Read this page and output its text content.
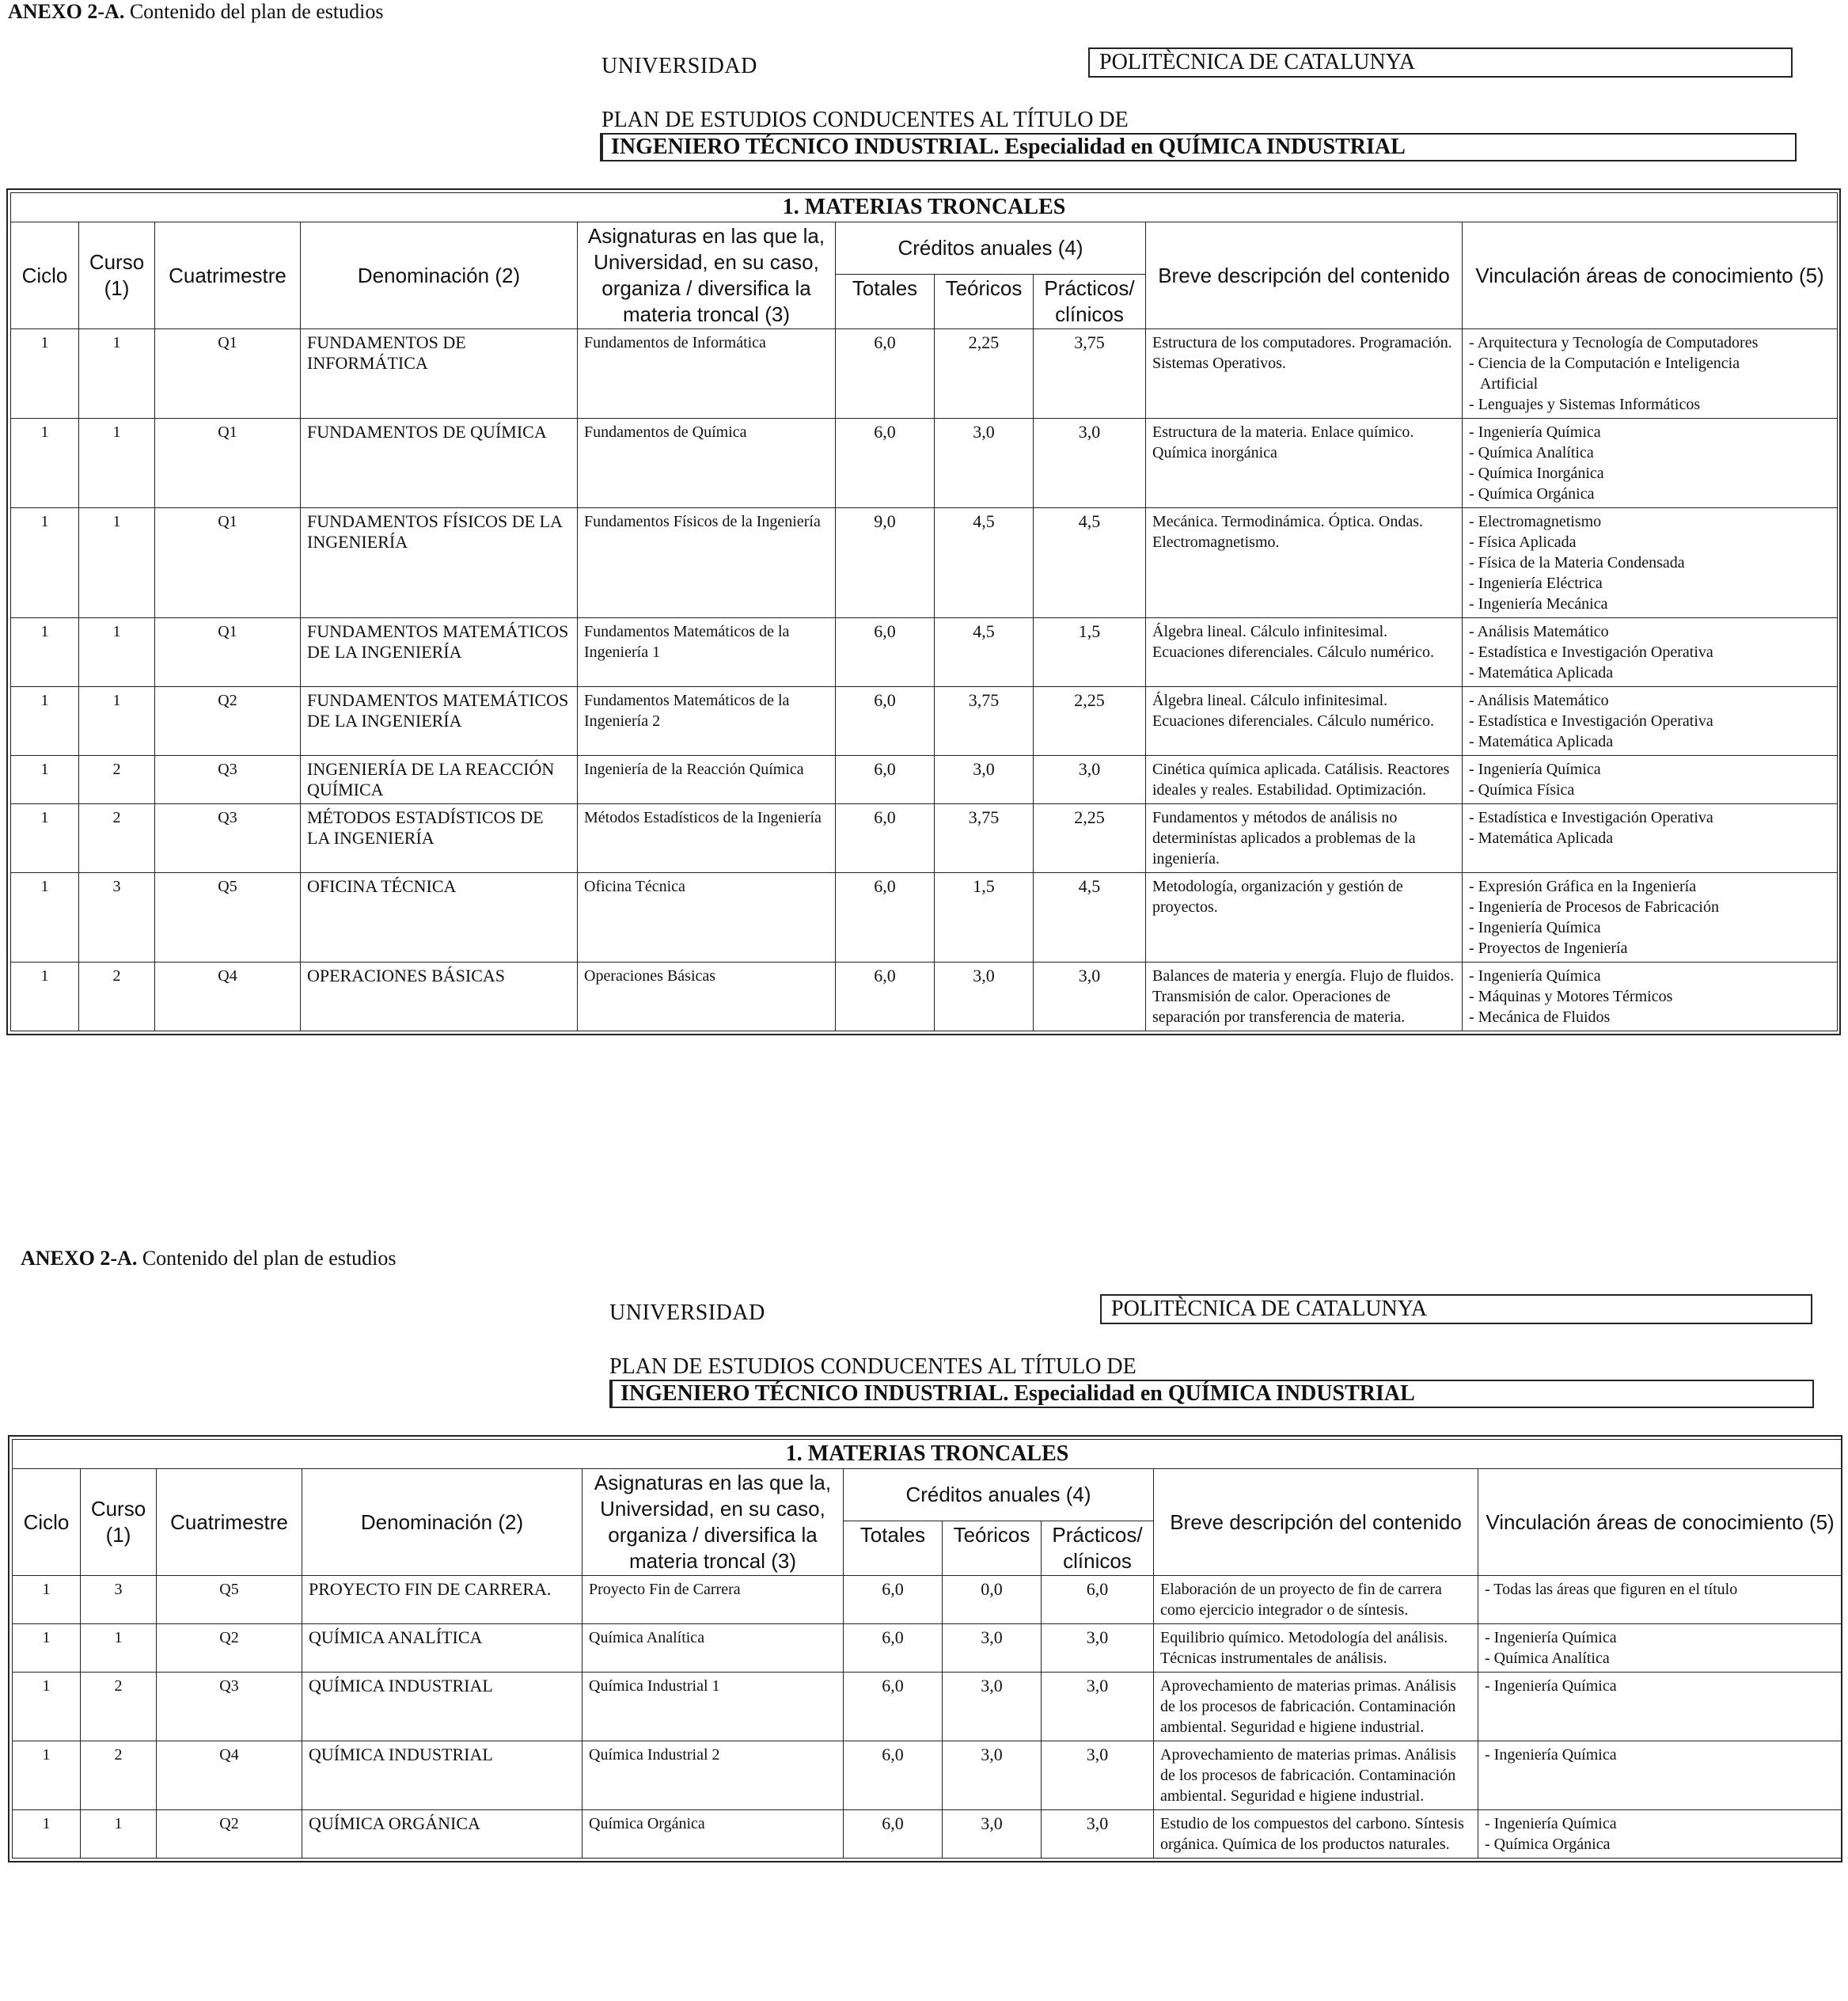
ANEXO 2-A. Contenido del plan de estudios
UNIVERSIDAD	POLITÈCNICA DE CATALUNYA
PLAN DE ESTUDIOS CONDUCENTES AL TÍTULO DE
INGENIERO TÉCNICO INDUSTRIAL. Especialidad en QUÍMICA INDUSTRIAL
1. MATERIAS TRONCALES									
Ciclo	Curso (1)	Cuatrimestre	Denominación (2)	Asignaturas en las que la, Universidad, en su caso, organiza / diversifica la materia troncal (3)	Créditos anuales (4)			Breve descripción del contenido	Vinculación áreas de conocimiento (5)
					Totales	Teóricos	Prácticos/ clínicos		
1	1	Q1	FUNDAMENTOS DE INFORMÁTICA	Fundamentos de Informática	6,0	2,25	3,75	Estructura de los computadores. Programación. Sistemas Operativos.	- Arquitectura y Tecnología de Computadores
- Ciencia de la Computación e Inteligencia
Artificial
- Lenguajes y Sistemas Informáticos

1	1	Q1	FUNDAMENTOS DE QUÍMICA	Fundamentos de Química	6,0	3,0	3,0	Estructura de la materia. Enlace químico. Química inorgánica	- Ingeniería Química
- Química Analítica
- Química Inorgánica
- Química Orgánica

1	1	Q1	FUNDAMENTOS FÍSICOS DE LA INGENIERÍA	Fundamentos Físicos de la Ingeniería	9,0	4,5	4,5	Mecánica. Termodinámica. Óptica. Ondas. Electromagnetismo.	- Electromagnetismo
- Física Aplicada
- Física de la Materia Condensada
- Ingeniería Eléctrica
- Ingeniería Mecánica

1	1	Q1	FUNDAMENTOS MATEMÁTICOS DE LA INGENIERÍA	Fundamentos Matemáticos de la Ingeniería 1	6,0	4,5	1,5	Álgebra lineal. Cálculo infinitesimal. Ecuaciones diferenciales. Cálculo numérico.	- Análisis Matemático
- Estadística e Investigación Operativa
- Matemática Aplicada

1	1	Q2	FUNDAMENTOS MATEMÁTICOS DE LA INGENIERÍA	Fundamentos Matemáticos de la Ingeniería 2	6,0	3,75	2,25	Álgebra lineal. Cálculo infinitesimal. Ecuaciones diferenciales. Cálculo numérico.	- Análisis Matemático
- Estadística e Investigación Operativa
- Matemática Aplicada

1	2	Q3	INGENIERÍA DE LA REACCIÓN QUÍMICA	Ingeniería de la Reacción Química	6,0	3,0	3,0	Cinética química aplicada. Catálisis. Reactores ideales y reales. Estabilidad. Optimización.	- Ingeniería Química
- Química Física

1	2	Q3	MÉTODOS ESTADÍSTICOS DE LA INGENIERÍA	Métodos Estadísticos de la Ingeniería	6,0	3,75	2,25	Fundamentos y métodos de análisis no determinístas aplicados a problemas de la ingeniería.	- Estadística e Investigación Operativa
- Matemática Aplicada

1	3	Q5	OFICINA TÉCNICA	Oficina Técnica	6,0	1,5	4,5	Metodología, organización y gestión de proyectos.	- Expresión Gráfica en la Ingeniería
- Ingeniería de Procesos de Fabricación
- Ingeniería Química
- Proyectos de Ingeniería

1	2	Q4	OPERACIONES BÁSICAS	Operaciones Básicas	6,0	3,0	3,0	Balances de materia y energía. Flujo de fluidos. Transmisión de calor. Operaciones de separación por transferencia de materia.	- Ingeniería Química
- Máquinas y Motores Térmicos
- Mecánica de Fluidos
ANEXO 2-A. Contenido del plan de estudios
UNIVERSIDAD	POLITÈCNICA DE CATALUNYA
PLAN DE ESTUDIOS CONDUCENTES AL TÍTULO DE
INGENIERO TÉCNICO INDUSTRIAL. Especialidad en QUÍMICA INDUSTRIAL
1. MATERIAS TRONCALES									
Ciclo	Curso (1)	Cuatrimestre	Denominación (2)	Asignaturas en las que la, Universidad, en su caso, organiza / diversifica la materia troncal (3)	Créditos anuales (4)			Breve descripción del contenido	Vinculación áreas de conocimiento (5)
					Totales	Teóricos	Prácticos/ clínicos		
1	3	Q5	PROYECTO FIN DE CARRERA.	Proyecto Fin de Carrera	6,0	0,0	6,0	Elaboración de un proyecto de fin de carrera como ejercicio integrador o de síntesis.	- Todas las áreas que figuren en el título

1	1	Q2	QUÍMICA ANALÍTICA	Química Analítica	6,0	3,0	3,0	Equilibrio químico. Metodología del análisis. Técnicas instrumentales de análisis.	- Ingeniería Química
- Química Analítica

1	2	Q3	QUÍMICA INDUSTRIAL	Química Industrial 1	6,0	3,0	3,0	Aprovechamiento de materias primas. Análisis de los procesos de fabricación. Contaminación ambiental. Seguridad e higiene industrial.	- Ingeniería Química

1	2	Q4	QUÍMICA INDUSTRIAL	Química Industrial 2	6,0	3,0	3,0	Aprovechamiento de materias primas. Análisis de los procesos de fabricación. Contaminación ambiental. Seguridad e higiene industrial.	- Ingeniería Química

1	1	Q2	QUÍMICA ORGÁNICA	Química Orgánica	6,0	3,0	3,0	Estudio de los compuestos del carbono. Síntesis orgánica. Química de los productos naturales.	- Ingeniería Química
- Química Orgánica
